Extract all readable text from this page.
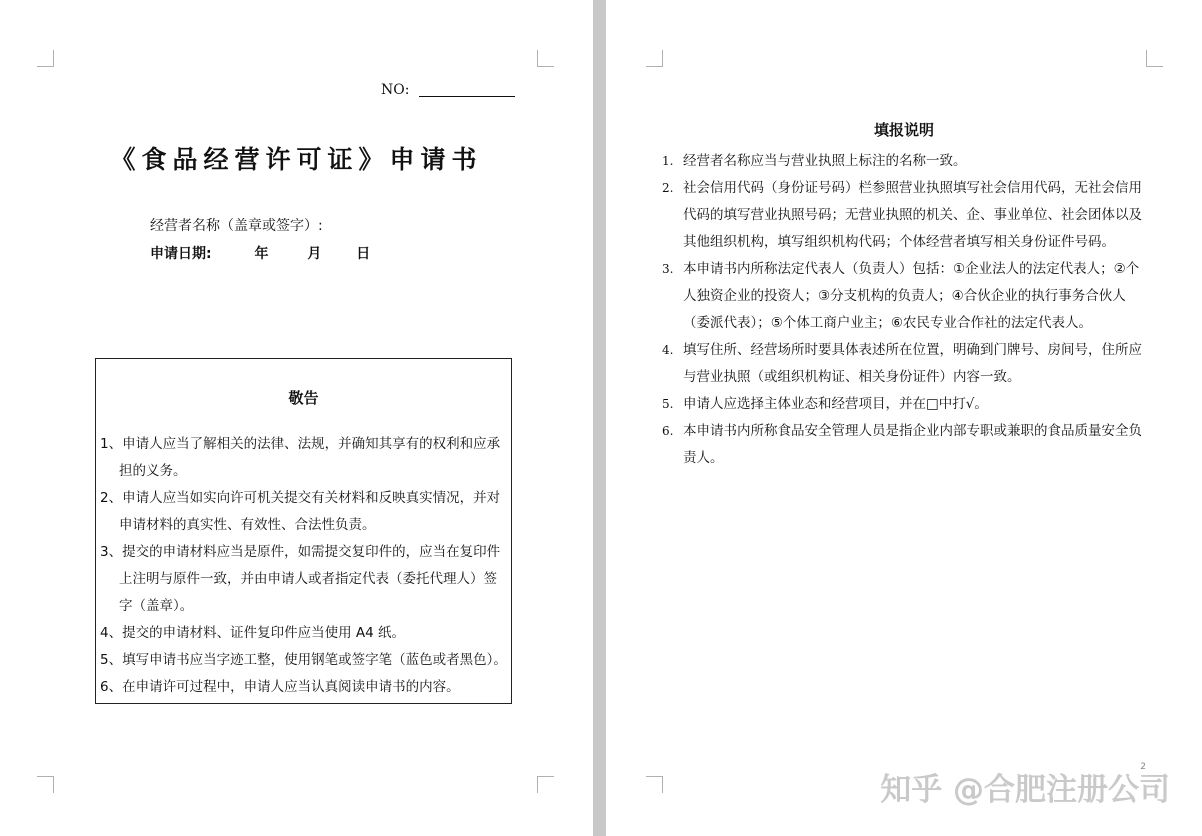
NO:
《食品经营许可证》申请书
经营者名称（盖章或签字）:
申请日期:	年	月 日
敬告
1、申请人应当了解相关的法律、法规，并确知其享有的权利和应承担的义务。
2、申请人应当如实向许可机关提交有关材料和反映真实情况，并对申请材料的真实性、有效性、合法性负责。
3、提交的申请材料应当是原件，如需提交复印件的，应当在复印件上注明与原件一致，并由申请人或者指定代表（委托代理人）签字（盖章）。
4、提交的申请材料、证件复印件应当使用 A4 纸。
5、填写申请书应当字迹工整，使用钢笔或签字笔（蓝色或者黑色）。
6、在申请许可过程中，申请人应当认真阅读申请书的内容。
填报说明
1. 经营者名称应当与营业执照上标注的名称一致。
2. 社会信用代码（身份证号码）栏参照营业执照填写社会信用代码，无社会信用代码的填写营业执照号码；无营业执照的机关、企、事业单位、社会团体以及其他组织机构，填写组织机构代码；个体经营者填写相关身份证件号码。
3. 本申请书内所称法定代表人（负责人）包括：①企业法人的法定代表人；②个人独资企业的投资人；③分支机构的负责人；④合伙企业的执行事务合伙人（委派代表）；⑤个体工商户业主；⑥农民专业合作社的法定代表人。
4. 填写住所、经营场所时要具体表述所在位置，明确到门牌号、房间号，住所应与营业执照（或组织机构证、相关身份证件）内容一致。
5. 申请人应选择主体业态和经营项目，并在□中打√。
6. 本申请书内所称食品安全管理人员是指企业内部专职或兼职的食品质量安全负责人。
2
知乎 @合肥注册公司
